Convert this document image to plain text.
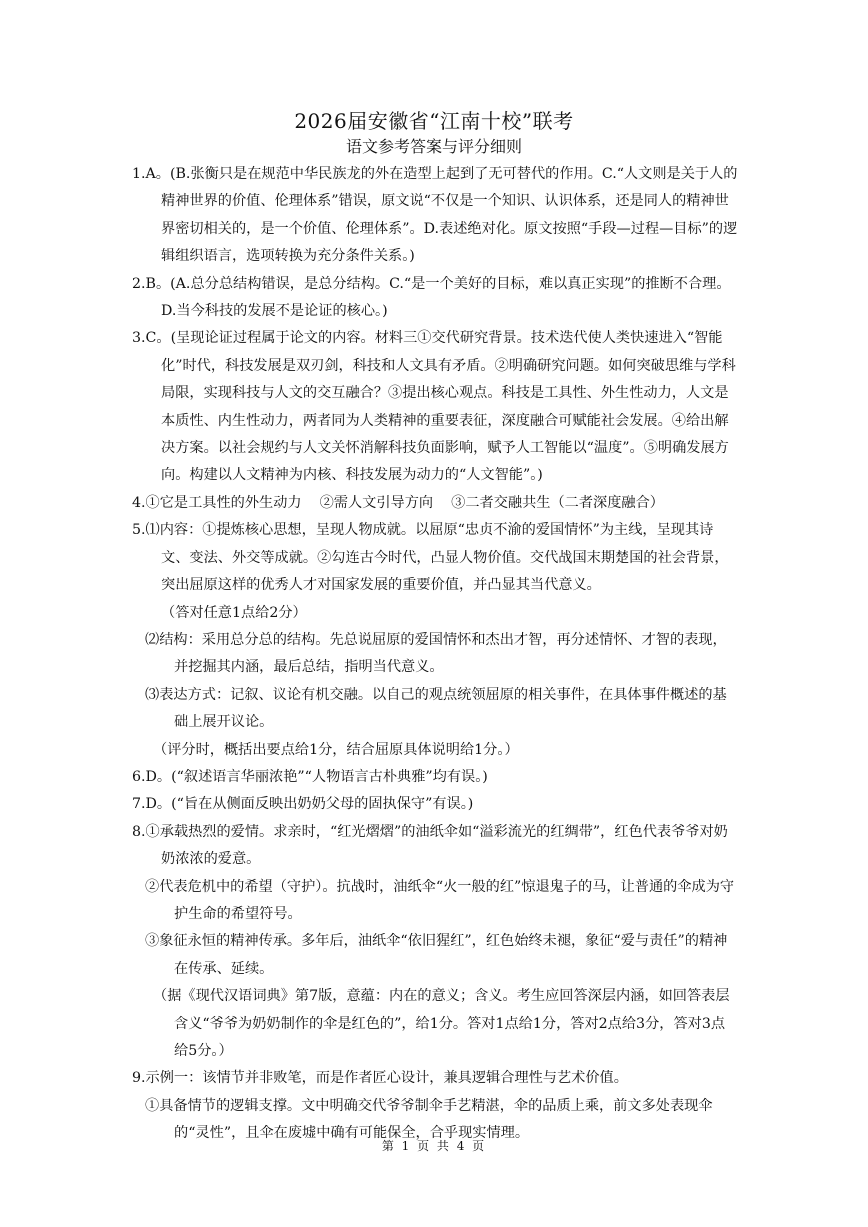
2026届安徽省“江南十校”联考
语文参考答案与评分细则

1.A。(B.张衡只是在规范中华民族龙的外在造型上起到了无可替代的作用。C.“人文则是关于人的精神世界的价值、伦理体系”错误，原文说“不仅是一个知识、认识体系，还是同人的精神世界密切相关的，是一个价值、伦理体系”。D.表述绝对化。原文按照“手段—过程—目标”的逻辑组织语言，选项转换为充分条件关系。)

2.B。(A.总分总结构错误，是总分结构。C.“是一个美好的目标，难以真正实现”的推断不合理。D.当今科技的发展不是论证的核心。)

3.C。(呈现论证过程属于论文的内容。材料三①交代研究背景。技术迭代使人类快速进入“智能化”时代，科技发展是双刃剑，科技和人文具有矛盾。②明确研究问题。如何突破思维与学科局限，实现科技与人文的交互融合？③提出核心观点。科技是工具性、外生性动力，人文是本质性、内生性动力，两者同为人类精神的重要表征，深度融合可赋能社会发展。④给出解决方案。以社会规约与人文关怀消解科技负面影响，赋予人工智能以“温度”。⑤明确发展方向。构建以人文精神为内核、科技发展为动力的“人文智能”。)

4.①它是工具性的外生动力 ②需人文引导方向 ③二者交融共生（二者深度融合）

5.⑴内容：①提炼核心思想，呈现人物成就。以屈原“忠贞不渝的爱国情怀”为主线，呈现其诗文、变法、外交等成就。②勾连古今时代，凸显人物价值。交代战国末期楚国的社会背景，突出屈原这样的优秀人才对国家发展的重要价值，并凸显其当代意义。

（答对任意1点给2分）

⑵结构：采用总分总的结构。先总说屈原的爱国情怀和杰出才智，再分述情怀、才智的表现，并挖掘其内涵，最后总结，指明当代意义。

⑶表达方式：记叙、议论有机交融。以自己的观点统领屈原的相关事件，在具体事件概述的基础上展开议论。

（评分时，概括出要点给1分，结合屈原具体说明给1分。）

6.D。(“叙述语言华丽浓艳”“人物语言古朴典雅”均有误。)

7.D。(“旨在从侧面反映出奶奶父母的固执保守”有误。)

8.①承载热烈的爱情。求亲时，“红光熠熠”的油纸伞如“溢彩流光的红绸带”，红色代表爷爷对奶奶浓浓的爱意。

②代表危机中的希望（守护）。抗战时，油纸伞“火一般的红”惊退鬼子的马，让普通的伞成为守护生命的希望符号。

③象征永恒的精神传承。多年后，油纸伞“依旧猩红”，红色始终未褪，象征“爱与责任”的精神在传承、延续。

（据《现代汉语词典》第7版，意蕴：内在的意义；含义。考生应回答深层内涵，如回答表层含义“爷爷为奶奶制作的伞是红色的”，给1分。答对1点给1分，答对2点给3分，答对3点给5分。）

9.示例一：该情节并非败笔，而是作者匠心设计，兼具逻辑合理性与艺术价值。

①具备情节的逻辑支撑。文中明确交代爷爷制伞手艺精湛，伞的品质上乘，前文多处表现伞的“灵性”，且伞在废墟中确有可能保全，合乎现实情理。

第 1 页 共 4 页
